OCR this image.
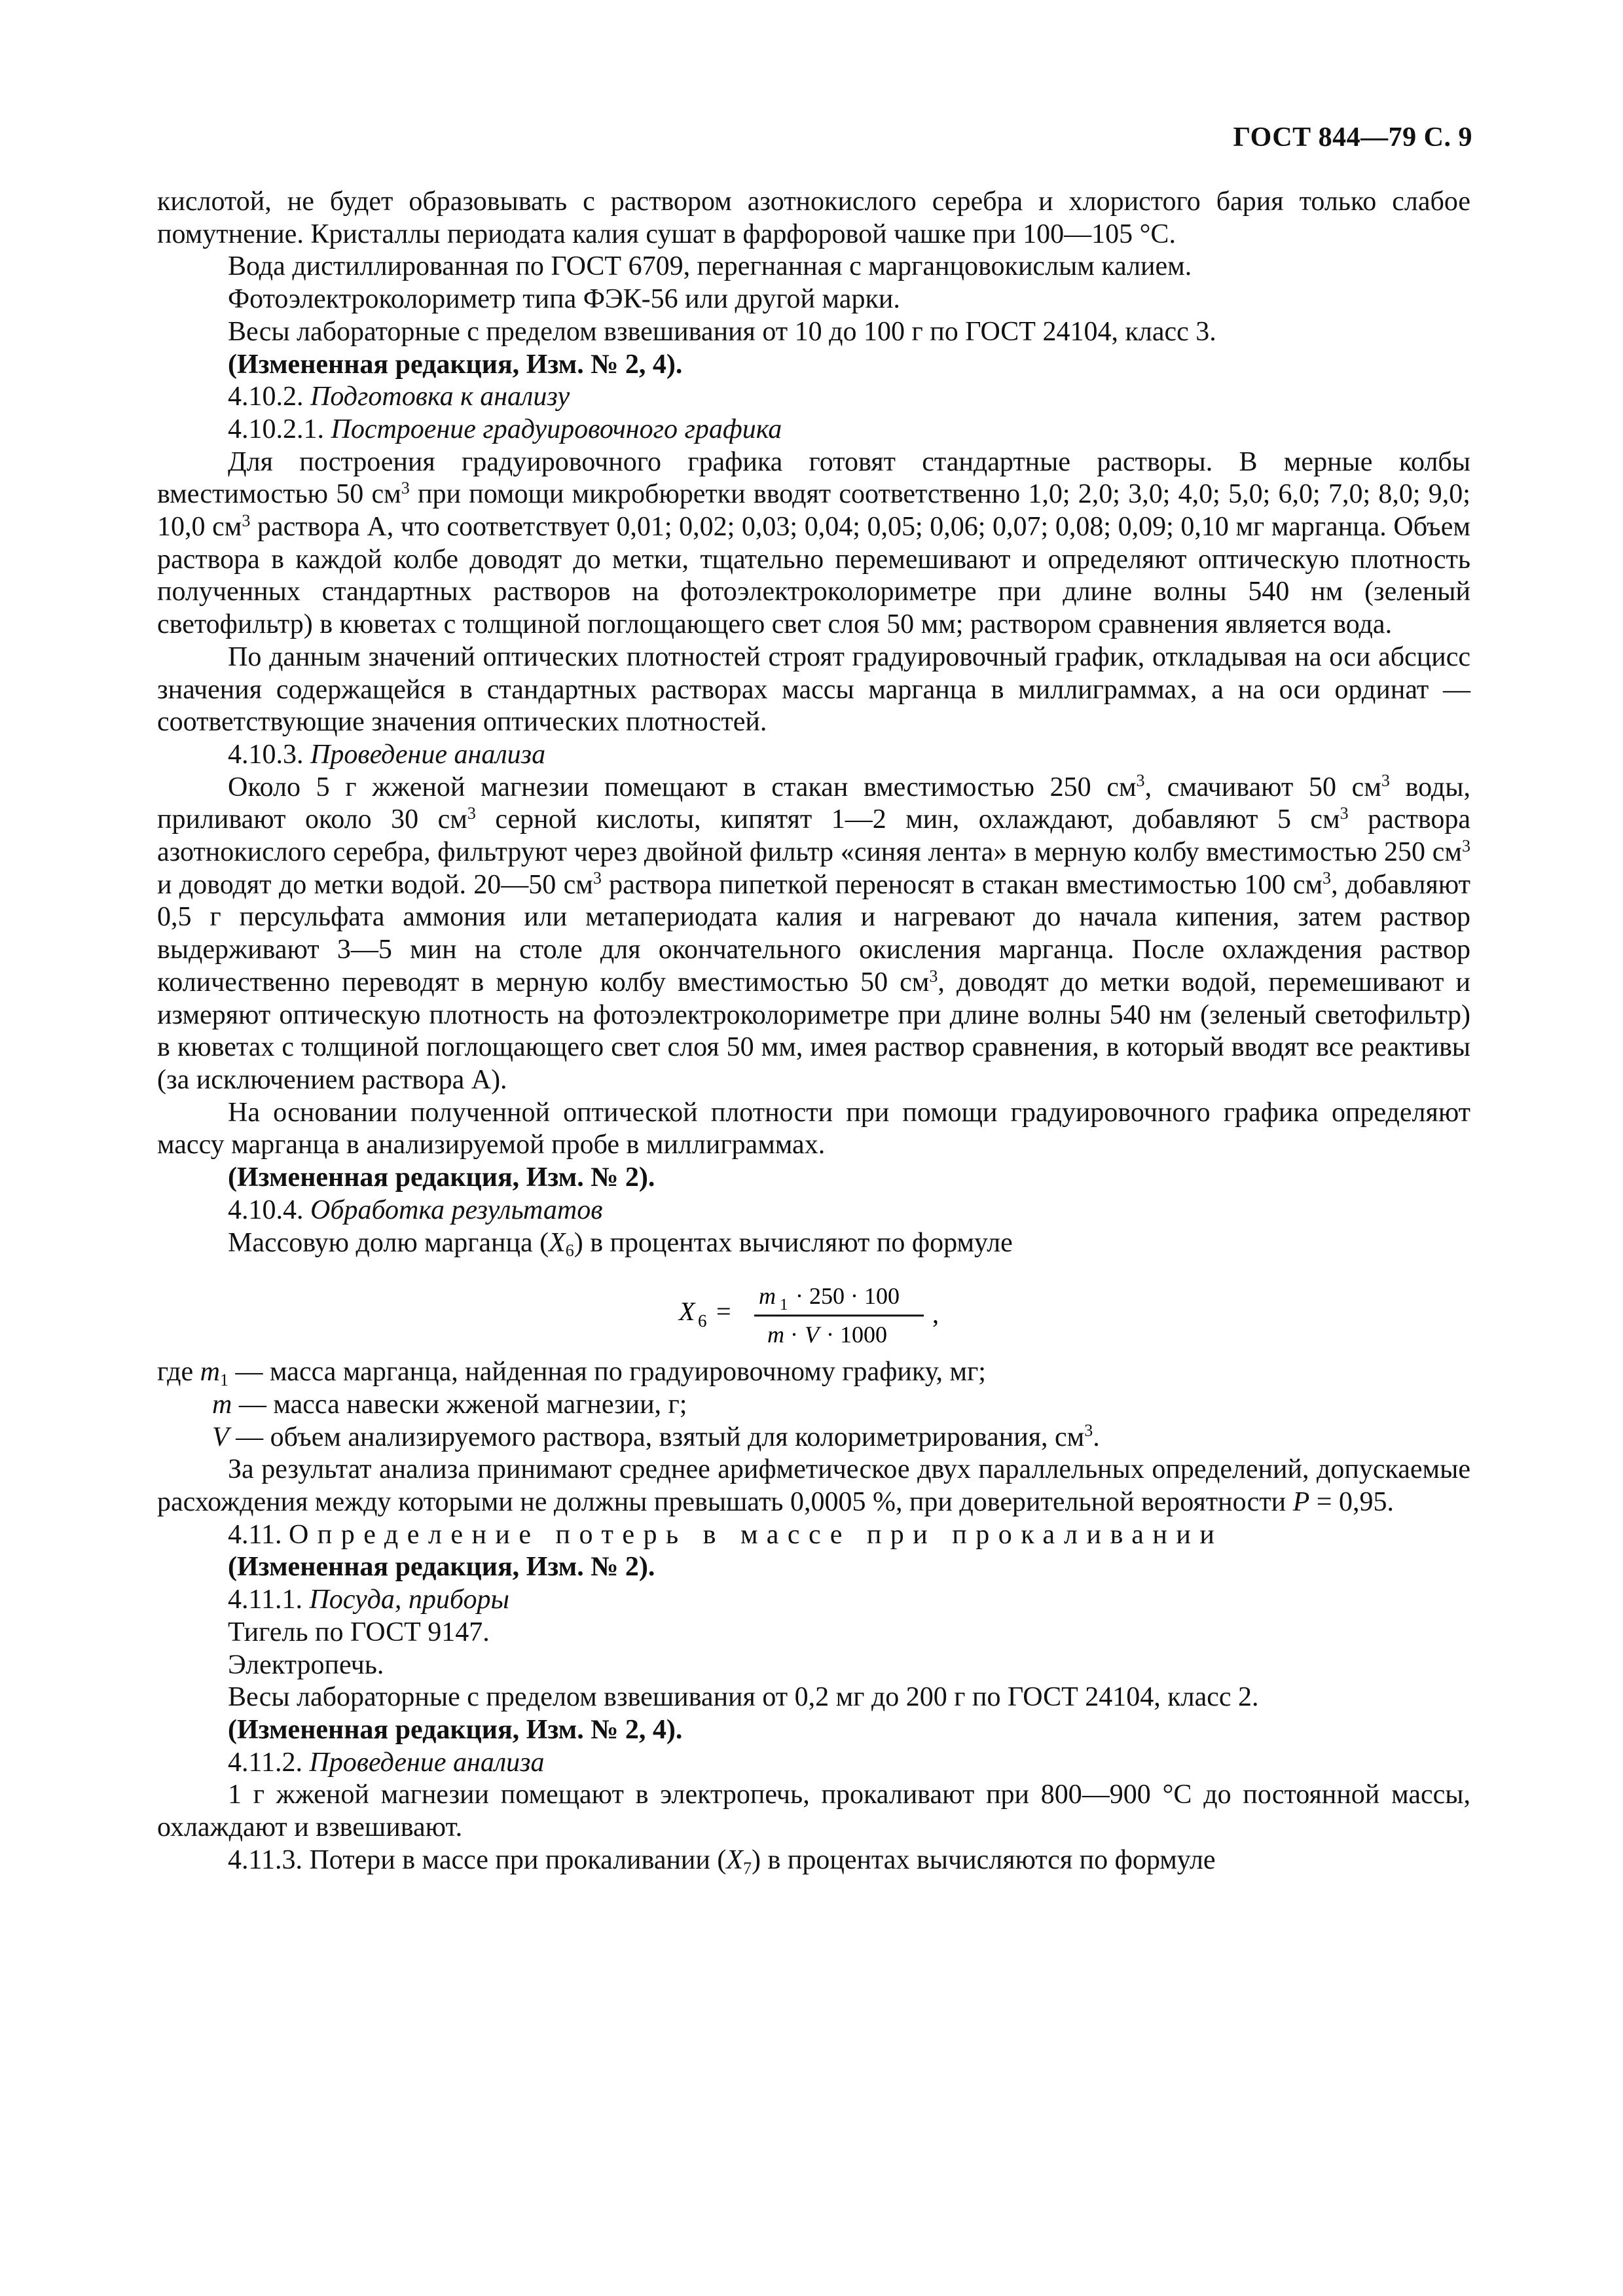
ГОСТ 844—79 С. 9

кислотой, не будет образовывать с раствором азотнокислого серебра и хлористого бария только слабое помутнение. Кристаллы периодата калия сушат в фарфоровой чашке при 100—105 °С.

Вода дистиллированная по ГОСТ 6709, перегнанная с марганцовокислым калием.

Фотоэлектроколориметр типа ФЭК-56 или другой марки.

Весы лабораторные с пределом взвешивания от 10 до 100 г по ГОСТ 24104, класс 3.

(Измененная редакция, Изм. № 2, 4).

4.10.2. Подготовка к анализу

4.10.2.1. Построение градуировочного графика

Для построения градуировочного графика готовят стандартные растворы. В мерные колбы вместимостью 50 $см^3$ при помощи микробюретки вводят соответственно 1,0; 2,0; 3,0; 4,0; 5,0; 6,0; 7,0; 8,0; 9,0; 10,0 $см^3$ раствора А, что соответствует 0,01; 0,02; 0,03; 0,04; 0,05; 0,06; 0,07; 0,08; 0,09; 0,10 мг марганца. Объем раствора в каждой колбе доводят до метки, тщательно перемешивают и определяют оптическую плотность полученных стандартных растворов на фотоэлектроколориметре при длине волны 540 нм (зеленый светофильтр) в кюветах с толщиной поглощающего свет слоя 50 мм; раствором сравнения является вода.

По данным значений оптических плотностей строят градуировочный график, откладывая на оси абсцисс значения содержащейся в стандартных растворах массы марганца в миллиграммах, а на оси ординат — соответствующие значения оптических плотностей.

4.10.3. Проведение анализа

Около 5 г жженой магнезии помещают в стакан вместимостью 250 $см^3$, смачивают 50 $см^3$ воды, приливают около 30 $см^3$ серной кислоты, кипятят 1—2 мин, охлаждают, добавляют 5 $см^3$ раствора азотнокислого серебра, фильтруют через двойной фильтр «синяя лента» в мерную колбу вместимостью 250 $см^3$ и доводят до метки водой. 20—50 $см^3$ раствора пипеткой переносят в стакан вместимостью 100 $см^3$, добавляют 0,5 г персульфата аммония или метапериодата калия и нагревают до начала кипения, затем раствор выдерживают 3—5 мин на столе для окончательного окисления марганца. После охлаждения раствор количественно переводят в мерную колбу вместимостью 50 $см^3$, доводят до метки водой, перемешивают и измеряют оптическую плотность на фотоэлектроколориметре при длине волны 540 нм (зеленый светофильтр) в кюветах с толщиной поглощающего свет слоя 50 мм, имея раствор сравнения, в который вводят все реактивы (за исключением раствора А).

На основании полученной оптической плотности при помощи градуировочного графика определяют массу марганца в анализируемой пробе в миллиграммах.

(Измененная редакция, Изм. № 2).

4.10.4. Обработка результатов

Массовую долю марганца $(X_6)$ в процентах вычисляют по формуле

X 6 =
m 1 · 250 · 100
m · V · 1000
,

где $m_1$ — масса марганца, найденная по градуировочному графику, мг;

m — масса навески жженой магнезии, г;

V — объем анализируемого раствора, взятый для колориметрирования, $см^3$.

За результат анализа принимают среднее арифметическое двух параллельных определений, допускаемые расхождения между которыми не должны превышать 0,0005 %, при доверительной вероятности P = 0,95.

4.11. Определение потерь в массе при прокаливании

(Измененная редакция, Изм. № 2).

4.11.1. Посуда, приборы

Тигель по ГОСТ 9147.

Электропечь.

Весы лабораторные с пределом взвешивания от 0,2 мг до 200 г по ГОСТ 24104, класс 2.

(Измененная редакция, Изм. № 2, 4).

4.11.2. Проведение анализа

1 г жженой магнезии помещают в электропечь, прокаливают при 800—900 °С до постоянной массы, охлаждают и взвешивают.

4.11.3. Потери в массе при прокаливании $(X_7)$ в процентах вычисляются по формуле
